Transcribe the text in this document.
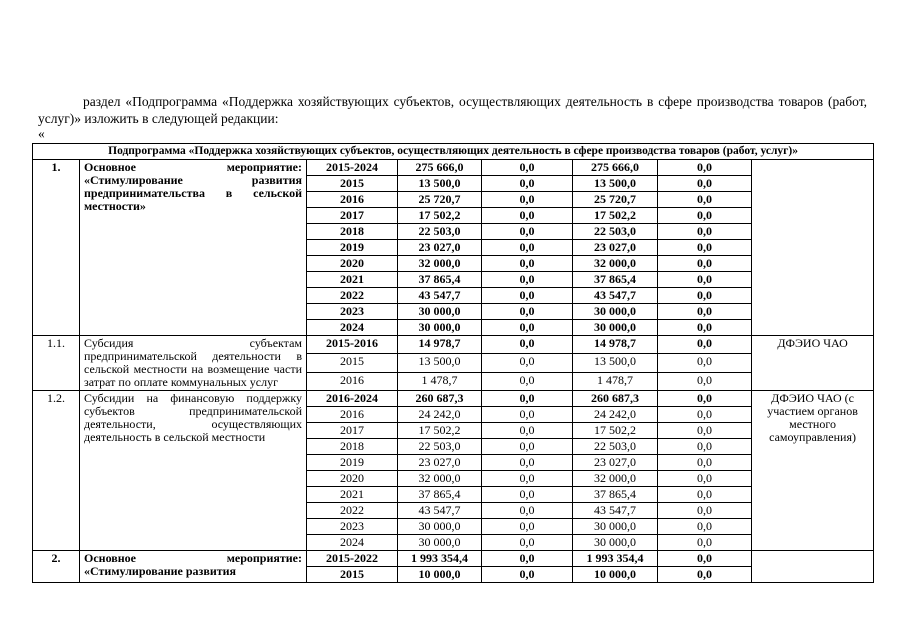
раздел «Подпрограмма «Поддержка хозяйствующих субъектов, осуществляющих деятельность в сфере производства товаров (работ, услуг)» изложить в следующей редакции:

«
Подпрограмма «Поддержка хозяйствующих субъектов, осуществляющих деятельность в сфере производства товаров (работ, услуг)»							
1.	Основное мероприятие: «Стимулирование развития предпринимательства в сельской местности»	2015-2024	275 666,0	0,0	275 666,0	0,0	
		2015	13 500,0	0,0	13 500,0	0,0	
		2016	25 720,7	0,0	25 720,7	0,0	
		2017	17 502,2	0,0	17 502,2	0,0	
		2018	22 503,0	0,0	22 503,0	0,0	
		2019	23 027,0	0,0	23 027,0	0,0	
		2020	32 000,0	0,0	32 000,0	0,0	
		2021	37 865,4	0,0	37 865,4	0,0	
		2022	43 547,7	0,0	43 547,7	0,0	
		2023	30 000,0	0,0	30 000,0	0,0	
		2024	30 000,0	0,0	30 000,0	0,0	
1.1.	Субсидия субъектам предпринимательской деятельности в сельской местности на возмещение части затрат по оплате коммунальных услуг	2015-2016	14 978,7	0,0	14 978,7	0,0	ДФЭИО ЧАО
		2015	13 500,0	0,0	13 500,0	0,0	
		2016	1 478,7	0,0	1 478,7	0,0	
1.2.	Субсидии на финансовую поддержку субъектов предпринимательской деятельности, осуществляющих деятельность в сельской местности	2016-2024	260 687,3	0,0	260 687,3	0,0	ДФЭИО ЧАО (с участием органов местного самоуправления)
		2016	24 242,0	0,0	24 242,0	0,0	
		2017	17 502,2	0,0	17 502,2	0,0	
		2018	22 503,0	0,0	22 503,0	0,0	
		2019	23 027,0	0,0	23 027,0	0,0	
		2020	32 000,0	0,0	32 000,0	0,0	
		2021	37 865,4	0,0	37 865,4	0,0	
		2022	43 547,7	0,0	43 547,7	0,0	
		2023	30 000,0	0,0	30 000,0	0,0	
		2024	30 000,0	0,0	30 000,0	0,0	
2.	Основное мероприятие: «Стимулирование развития	2015-2022	1 993 354,4	0,0	1 993 354,4	0,0	
		2015	10 000,0	0,0	10 000,0	0,0	
